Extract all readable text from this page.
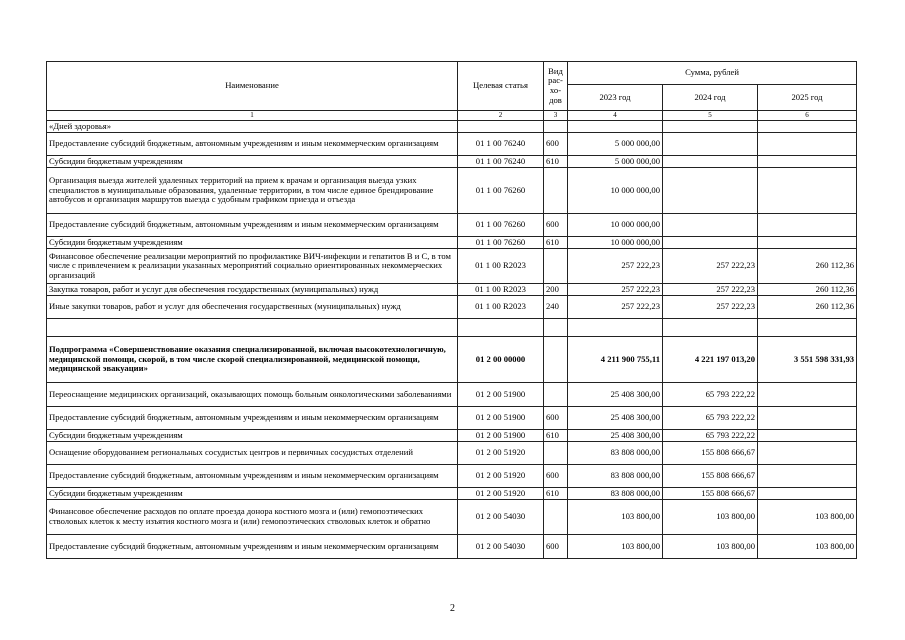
Наименование	Целевая статья	Вид рас- хо- дов	Сумма, рублей		
			2023 год	2024 год	2025 год
1	2	3	4	5	6
«Дней здоровья»					
Предоставление субсидий бюджетным, автономным учреждениям и иным некоммерческим организациям	01 1 00 76240	600	5 000 000,00		
Субсидии бюджетным учреждениям	01 1 00 76240	610	5 000 000,00		
Организация выезда жителей удаленных территорий на прием к врачам и организация выезда узких специалистов в муниципальные образования, удаленные территории, в том числе единое брендирование автобусов и организация маршрутов выезда с удобным графиком приезда и отъезда	01 1 00 76260		10 000 000,00		
Предоставление субсидий бюджетным, автономным учреждениям и иным некоммерческим организациям	01 1 00 76260	600	10 000 000,00		
Субсидии бюджетным учреждениям	01 1 00 76260	610	10 000 000,00		
Финансовое обеспечение реализации мероприятий по профилактике ВИЧ-инфекции и гепатитов В и С, в том числе с привлечением к реализации указанных мероприятий социально ориентированных некоммерческих организаций	01 1 00 R2023		257 222,23	257 222,23	260 112,36
Закупка товаров, работ и услуг для обеспечения государственных (муниципальных) нужд	01 1 00 R2023	200	257 222,23	257 222,23	260 112,36
Иные закупки товаров, работ и услуг для обеспечения государственных (муниципальных) нужд	01 1 00 R2023	240	257 222,23	257 222,23	260 112,36

Подпрограмма «Совершенствование оказания специализированной, включая высокотехнологичную, медицинской помощи, скорой, в том числе скорой специализированной, медицинской помощи, медицинской эвакуации»	01 2 00 00000		4 211 900 755,11	4 221 197 013,20	3 551 598 331,93
Переоснащение медицинских организаций, оказывающих помощь больным онкологическими заболеваниями	01 2 00 51900		25 408 300,00	65 793 222,22	
Предоставление субсидий бюджетным, автономным учреждениям и иным некоммерческим организациям	01 2 00 51900	600	25 408 300,00	65 793 222,22	
Субсидии бюджетным учреждениям	01 2 00 51900	610	25 408 300,00	65 793 222,22	
Оснащение оборудованием региональных сосудистых центров и первичных сосудистых отделений	01 2 00 51920		83 808 000,00	155 808 666,67	
Предоставление субсидий бюджетным, автономным учреждениям и иным некоммерческим организациям	01 2 00 51920	600	83 808 000,00	155 808 666,67	
Субсидии бюджетным учреждениям	01 2 00 51920	610	83 808 000,00	155 808 666,67	
Финансовое обеспечение расходов по оплате проезда донора костного мозга и (или) гемопоэтических стволовых клеток к месту изъятия костного мозга и (или) гемопоэтических стволовых клеток и обратно	01 2 00 54030		103 800,00	103 800,00	103 800,00
Предоставление субсидий бюджетным, автономным учреждениям и иным некоммерческим организациям	01 2 00 54030	600	103 800,00	103 800,00	103 800,00
2
